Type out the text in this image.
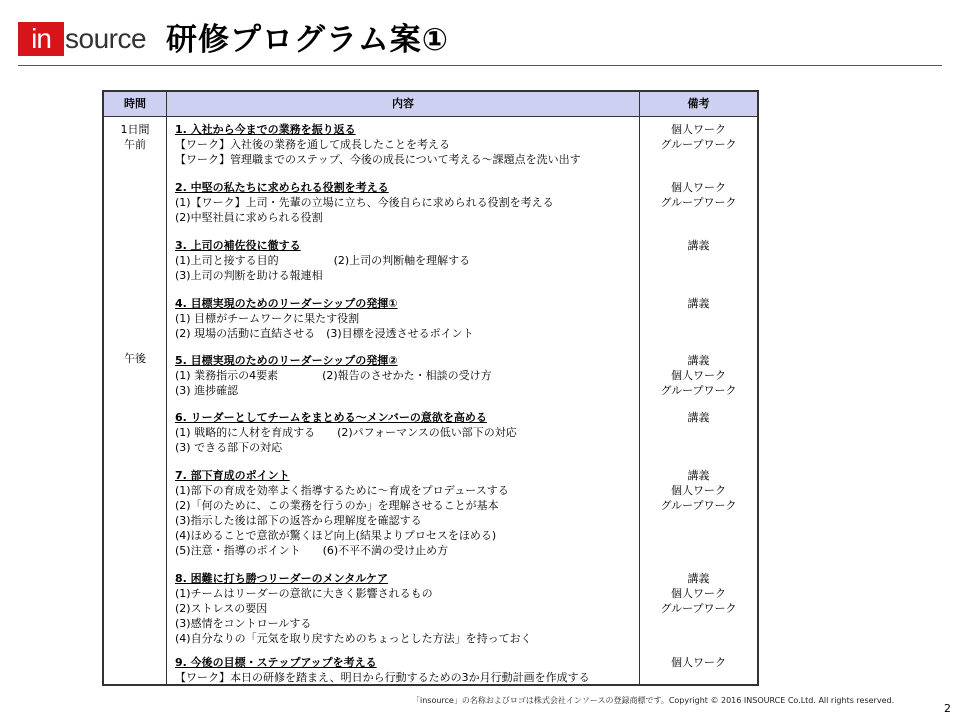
in source 研修プログラム案①
時間	内容	備考
1日間
午前
午後
1. 入社から今までの業務を振り返る
【ワーク】入社後の業務を通して成長したことを考える
【ワーク】管理職までのステップ、今後の成長について考える～課題点を洗い出す
個人ワーク
グループワーク
2. 中堅の私たちに求められる役割を考える
(1)【ワーク】上司・先輩の立場に立ち、今後自らに求められる役割を考える
(2)中堅社員に求められる役割
個人ワーク
グループワーク
3. 上司の補佐役に徹する
(1)上司と接する目的　　　　　(2)上司の判断軸を理解する
(3)上司の判断を助ける報連相
講義
4. 目標実現のためのリーダーシップの発揮①
(1) 目標がチームワークに果たす役割
(2) 現場の活動に直結させる　(3)目標を浸透させるポイント
講義
5. 目標実現のためのリーダーシップの発揮②
(1) 業務指示の4要素　　　　(2)報告のさせかた・相談の受け方
(3) 進捗確認
講義
個人ワーク
グループワーク
6. リーダーとしてチームをまとめる～メンバーの意欲を高める
(1) 戦略的に人材を育成する　　(2)パフォーマンスの低い部下の対応
(3) できる部下の対応
講義
7. 部下育成のポイント
(1)部下の育成を効率よく指導するために～育成をプロデュースする
(2)「何のために、この業務を行うのか」を理解させることが基本
(3)指示した後は部下の返答から理解度を確認する
(4)ほめることで意欲が驚くほど向上(結果よりプロセスをほめる)
(5)注意・指導のポイント　　(6)不平不満の受け止め方
講義
個人ワーク
グループワーク
8. 困難に打ち勝つリーダーのメンタルケア
(1)チームはリーダーの意欲に大きく影響されるもの
(2)ストレスの要因
(3)感情をコントロールする
(4)自分なりの「元気を取り戻すためのちょっとした方法」を持っておく
講義
個人ワーク
グループワーク
9. 今後の目標・ステップアップを考える
【ワーク】本日の研修を踏まえ、明日から行動するための3か月行動計画を作成する
個人ワーク
「insource」の名称およびロゴは株式会社インソースの登録商標です。Copyright © 2016 INSOURCE Co.Ltd. All rights reserved.
2
